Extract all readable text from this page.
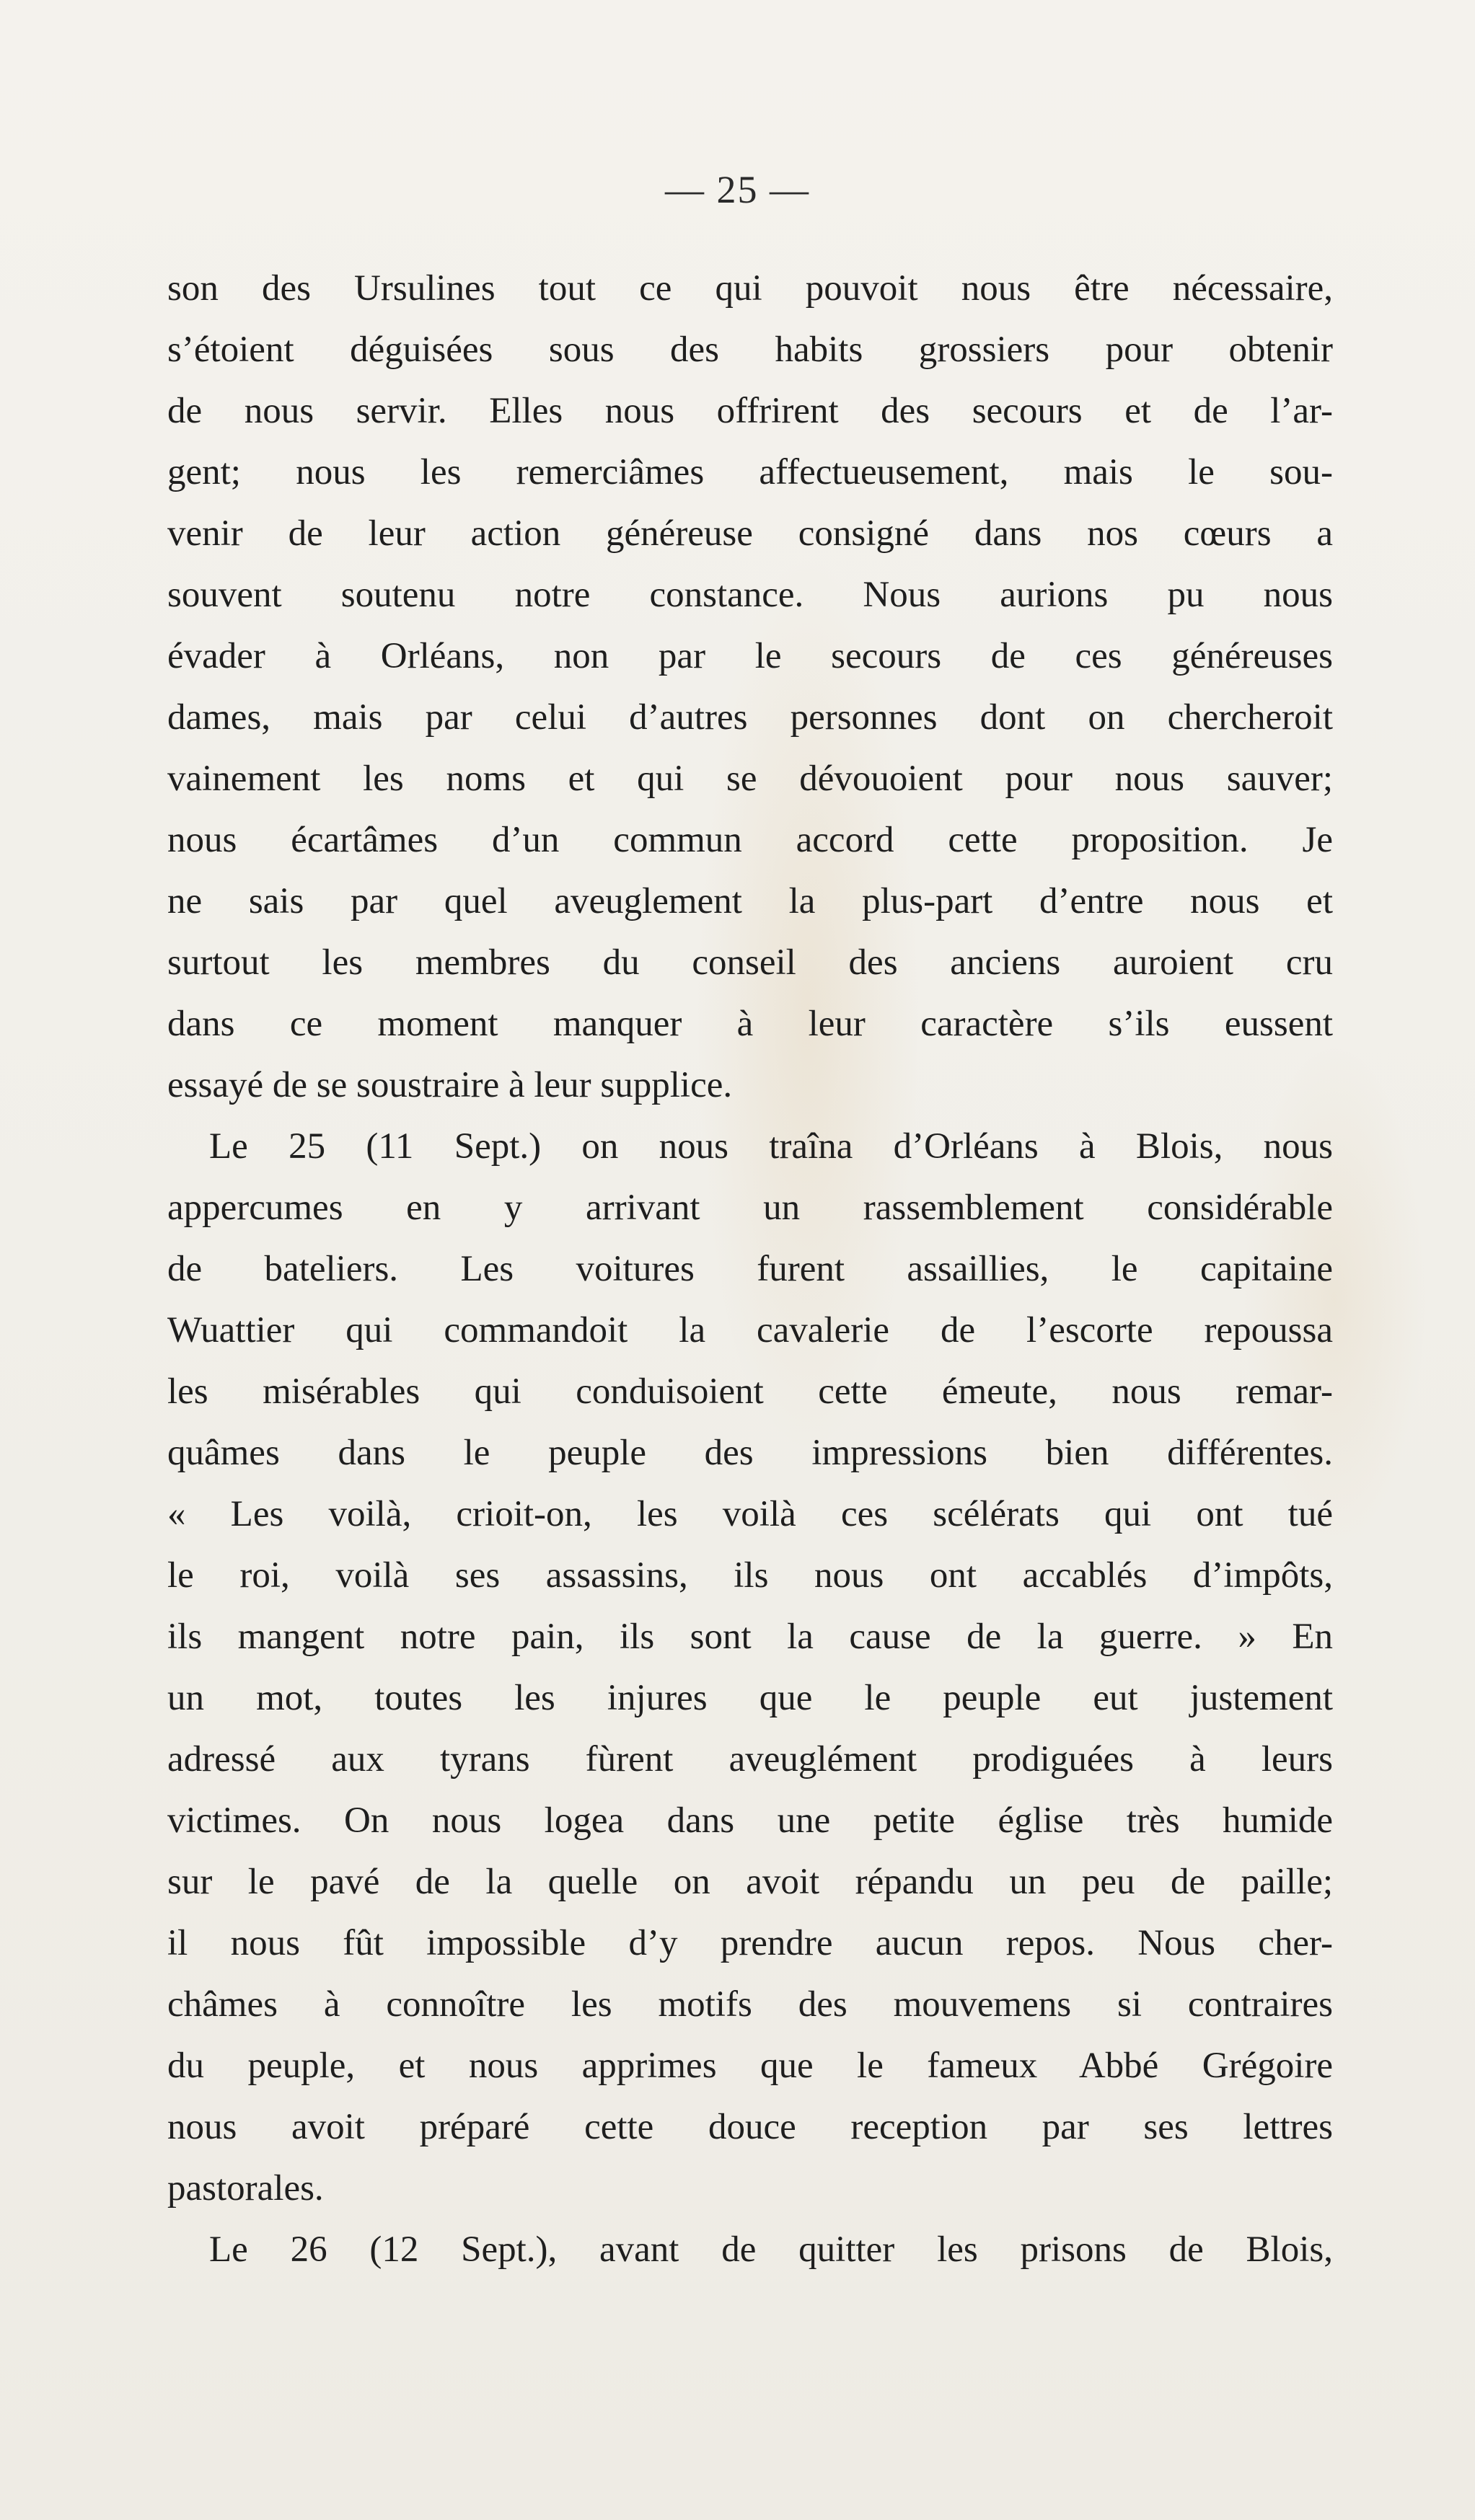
— 25 —
son des Ursulines tout ce qui pouvoit nous être nécessaire,
s’étoient déguisées sous des habits grossiers pour obtenir
de nous servir. Elles nous offrirent des secours et de l’ar-
gent; nous les remerciâmes affectueusement, mais le sou-
venir de leur action généreuse consigné dans nos cœurs a
souvent soutenu notre constance. Nous aurions pu nous
évader à Orléans, non par le secours de ces généreuses
dames, mais par celui d’autres personnes dont on chercheroit
vainement les noms et qui se dévouoient pour nous sauver;
nous écartâmes d’un commun accord cette proposition. Je
ne sais par quel aveuglement la plus-part d’entre nous et
surtout les membres du conseil des anciens auroient cru
dans ce moment manquer à leur caractère s’ils eussent
essayé de se soustraire à leur supplice.
Le 25 (11 Sept.) on nous traîna d’Orléans à Blois, nous
appercumes en y arrivant un rassemblement considérable
de bateliers. Les voitures furent assaillies, le capitaine
Wuattier qui commandoit la cavalerie de l’escorte repoussa
les misérables qui conduisoient cette émeute, nous remar-
quâmes dans le peuple des impressions bien différentes.
« Les voilà, crioit-on, les voilà ces scélérats qui ont tué
le roi, voilà ses assassins, ils nous ont accablés d’impôts,
ils mangent notre pain, ils sont la cause de la guerre. » En
un mot, toutes les injures que le peuple eut justement
adressé aux tyrans fùrent aveuglément prodiguées à leurs
victimes. On nous logea dans une petite église très humide
sur le pavé de la quelle on avoit répandu un peu de paille;
il nous fût impossible d’y prendre aucun repos. Nous cher-
châmes à connoître les motifs des mouvemens si contraires
du peuple, et nous apprimes que le fameux Abbé Grégoire
nous avoit préparé cette douce reception par ses lettres
pastorales.
Le 26 (12 Sept.), avant de quitter les prisons de Blois,
